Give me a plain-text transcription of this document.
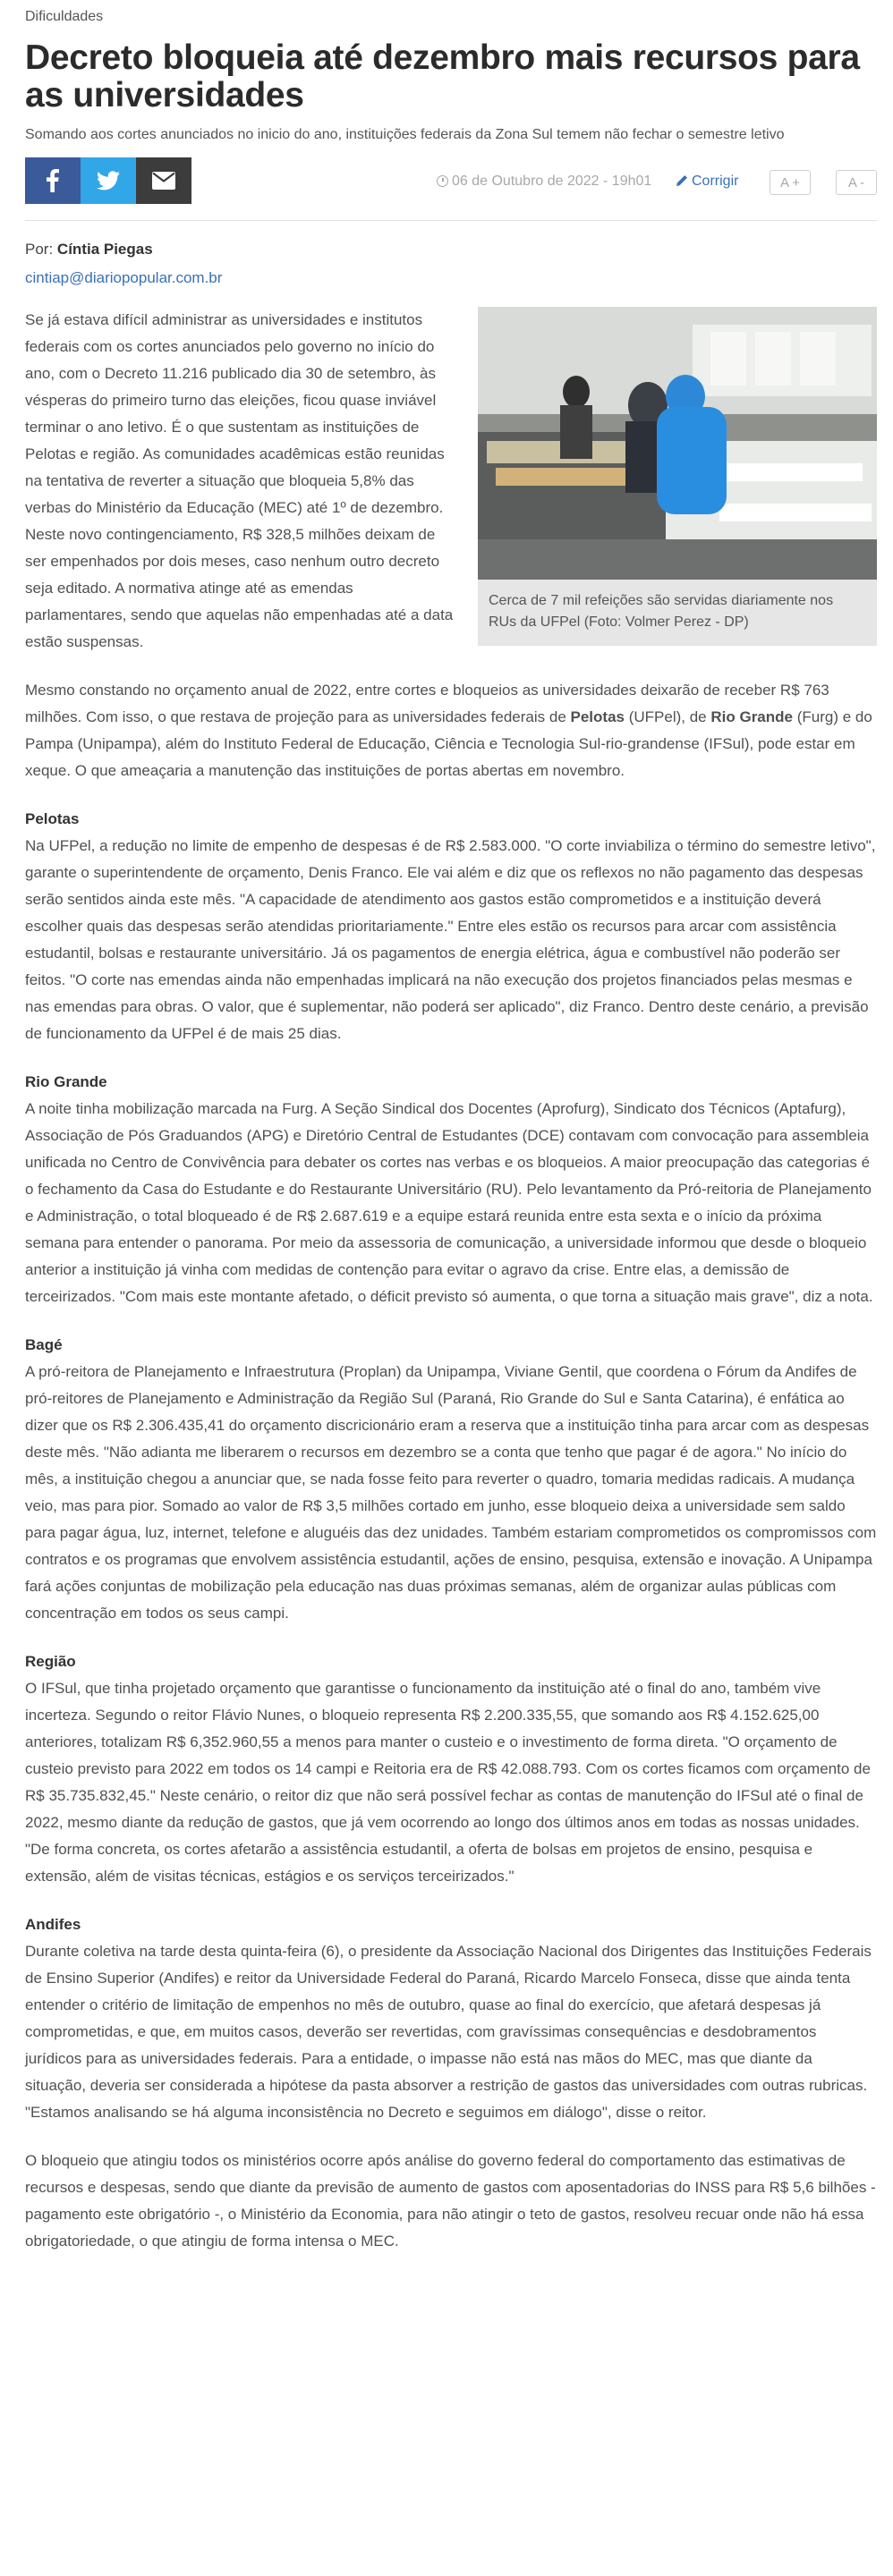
Dificuldades
Decreto bloqueia até dezembro mais recursos para as universidades
Somando aos cortes anunciados no inicio do ano, instituições federais da Zona Sul temem não fechar o semestre letivo
06 de Outubro de 2022 - 19h01	Corrigir	A +	A -
Por: Cíntia Piegas
cintiap@diariopopular.com.br
Cerca de 7 mil refeições são servidas diariamente nos RUs da UFPel (Foto: Volmer Perez - DP)

Se já estava difícil administrar as universidades e institutos federais com os cortes anunciados pelo governo no início do ano, com o Decreto 11.216 publicado dia 30 de setembro, às vésperas do primeiro turno das eleições, ficou quase inviável terminar o ano letivo. É o que sustentam as instituições de Pelotas e região. As comunidades acadêmicas estão reunidas na tentativa de reverter a situação que bloqueia 5,8% das verbas do Ministério da Educação (MEC) até 1º de dezembro. Neste novo contingenciamento, R$ 328,5 milhões deixam de ser empenhados por dois meses, caso nenhum outro decreto seja editado. A normativa atinge até as emendas parlamentares, sendo que aquelas não empenhadas até a data estão suspensas.

Mesmo constando no orçamento anual de 2022, entre cortes e bloqueios as universidades deixarão de receber R$ 763 milhões. Com isso, o que restava de projeção para as universidades federais de Pelotas (UFPel), de Rio Grande (Furg) e do Pampa (Unipampa), além do Instituto Federal de Educação, Ciência e Tecnologia Sul-rio-grandense (IFSul), pode estar em xeque. O que ameaçaria a manutenção das instituições de portas abertas em novembro.

Pelotas

Na UFPel, a redução no limite de empenho de despesas é de R$ 2.583.000. "O corte inviabiliza o término do semestre letivo", garante o superintendente de orçamento, Denis Franco. Ele vai além e diz que os reflexos no não pagamento das despesas serão sentidos ainda este mês. "A capacidade de atendimento aos gastos estão comprometidos e a instituição deverá escolher quais das despesas serão atendidas prioritariamente." Entre eles estão os recursos para arcar com assistência estudantil, bolsas e restaurante universitário. Já os pagamentos de energia elétrica, água e combustível não poderão ser feitos. "O corte nas emendas ainda não empenhadas implicará na não execução dos projetos financiados pelas mesmas e nas emendas para obras. O valor, que é suplementar, não poderá ser aplicado", diz Franco. Dentro deste cenário, a previsão de funcionamento da UFPel é de mais 25 dias.

Rio Grande

A noite tinha mobilização marcada na Furg. A Seção Sindical dos Docentes (Aprofurg), Sindicato dos Técnicos (Aptafurg), Associação de Pós Graduandos (APG) e Diretório Central de Estudantes (DCE) contavam com convocação para assembleia unificada no Centro de Convivência para debater os cortes nas verbas e os bloqueios. A maior preocupação das categorias é o fechamento da Casa do Estudante e do Restaurante Universitário (RU). Pelo levantamento da Pró-reitoria de Planejamento e Administração, o total bloqueado é de R$ 2.687.619 e a equipe estará reunida entre esta sexta e o início da próxima semana para entender o panorama. Por meio da assessoria de comunicação, a universidade informou que desde o bloqueio anterior a instituição já vinha com medidas de contenção para evitar o agravo da crise. Entre elas, a demissão de terceirizados. "Com mais este montante afetado, o déficit previsto só aumenta, o que torna a situação mais grave", diz a nota.

Bagé

A pró-reitora de Planejamento e Infraestrutura (Proplan) da Unipampa, Viviane Gentil, que coordena o Fórum da Andifes de pró-reitores de Planejamento e Administração da Região Sul (Paraná, Rio Grande do Sul e Santa Catarina), é enfática ao dizer que os R$ 2.306.435,41 do orçamento discricionário eram a reserva que a instituição tinha para arcar com as despesas deste mês. "Não adianta me liberarem o recursos em dezembro se a conta que tenho que pagar é de agora." No início do mês, a instituição chegou a anunciar que, se nada fosse feito para reverter o quadro, tomaria medidas radicais. A mudança veio, mas para pior. Somado ao valor de R$ 3,5 milhões cortado em junho, esse bloqueio deixa a universidade sem saldo para pagar água, luz, internet, telefone e aluguéis das dez unidades. Também estariam comprometidos os compromissos com contratos e os programas que envolvem assistência estudantil, ações de ensino, pesquisa, extensão e inovação. A Unipampa fará ações conjuntas de mobilização pela educação nas duas próximas semanas, além de organizar aulas públicas com concentração em todos os seus campi.

Região

O IFSul, que tinha projetado orçamento que garantisse o funcionamento da instituição até o final do ano, também vive incerteza. Segundo o reitor Flávio Nunes, o bloqueio representa R$ 2.200.335,55, que somando aos R$ 4.152.625,00 anteriores, totalizam R$ 6,352.960,55 a menos para manter o custeio e o investimento de forma direta. "O orçamento de custeio previsto para 2022 em todos os 14 campi e Reitoria era de R$ 42.088.793. Com os cortes ficamos com orçamento de R$ 35.735.832,45." Neste cenário, o reitor diz que não será possível fechar as contas de manutenção do IFSul até o final de 2022, mesmo diante da redução de gastos, que já vem ocorrendo ao longo dos últimos anos em todas as nossas unidades. "De forma concreta, os cortes afetarão a assistência estudantil, a oferta de bolsas em projetos de ensino, pesquisa e extensão, além de visitas técnicas, estágios e os serviços terceirizados."

Andifes

Durante coletiva na tarde desta quinta-feira (6), o presidente da Associação Nacional dos Dirigentes das Instituições Federais de Ensino Superior (Andifes) e reitor da Universidade Federal do Paraná, Ricardo Marcelo Fonseca, disse que ainda tenta entender o critério de limitação de empenhos no mês de outubro, quase ao final do exercício, que afetará despesas já comprometidas, e que, em muitos casos, deverão ser revertidas, com gravíssimas consequências e desdobramentos jurídicos para as universidades federais. Para a entidade, o impasse não está nas mãos do MEC, mas que diante da situação, deveria ser considerada a hipótese da pasta absorver a restrição de gastos das universidades com outras rubricas. "Estamos analisando se há alguma inconsistência no Decreto e seguimos em diálogo", disse o reitor.

O bloqueio que atingiu todos os ministérios ocorre após análise do governo federal do comportamento das estimativas de recursos e despesas, sendo que diante da previsão de aumento de gastos com aposentadorias do INSS para R$ 5,6 bilhões - pagamento este obrigatório -, o Ministério da Economia, para não atingir o teto de gastos, resolveu recuar onde não há essa obrigatoriedade, o que atingiu de forma intensa o MEC.
